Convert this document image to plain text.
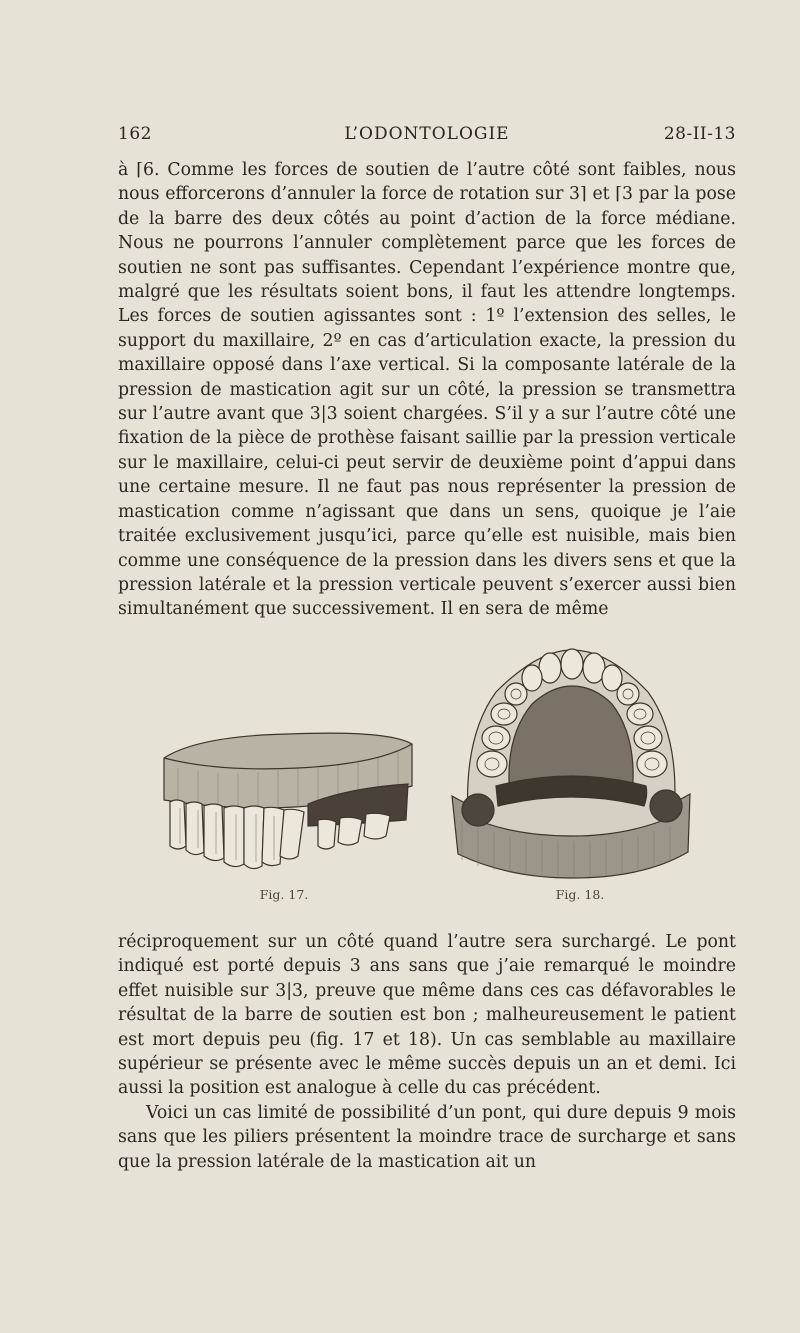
162	L’ODONTOLOGIE	28-II-13

à ⌈6. Comme les forces de soutien de l’autre côté sont faibles, nous nous efforcerons d’annuler la force de rotation sur 3⌉ et ⌈3 par la pose de la barre des deux côtés au point d’action de la force médiane. Nous ne pourrons l’annuler complètement parce que les forces de soutien ne sont pas suffisantes. Cependant l’expérience montre que, malgré que les résultats soient bons, il faut les attendre longtemps. Les forces de soutien agissantes sont : 1º l’extension des selles, le support du maxillaire, 2º en cas d’articulation exacte, la pression du maxillaire opposé dans l’axe vertical. Si la composante latérale de la pression de mastication agit sur un côté, la pression se transmettra sur l’autre avant que 3|3 soient chargées. S’il y a sur l’autre côté une fixation de la pièce de prothèse faisant saillie par la pression verticale sur le maxillaire, celui-ci peut servir de deuxième point d’appui dans une certaine mesure. Il ne faut pas nous représenter la pression de mastication comme n’agissant que dans un sens, quoique je l’aie traitée exclusivement jusqu’ici, parce qu’elle est nuisible, mais bien comme une conséquence de la pression dans les divers sens et que la pression latérale et la pression verticale peuvent s’exercer aussi bien simultanément que successivement. Il en sera de même

Fig. 17.	Fig. 18.

réciproquement sur un côté quand l’autre sera surchargé. Le pont indiqué est porté depuis 3 ans sans que j’aie remarqué le moindre effet nuisible sur 3|3, preuve que même dans ces cas défavorables le résultat de la barre de soutien est bon ; malheureusement le patient est mort depuis peu (fig. 17 et 18). Un cas semblable au maxillaire supérieur se présente avec le même succès depuis un an et demi. Ici aussi la position est analogue à celle du cas précédent.

Voici un cas limité de possibilité d’un pont, qui dure depuis 9 mois sans que les piliers présentent la moindre trace de surcharge et sans que la pression latérale de la mastication ait un
